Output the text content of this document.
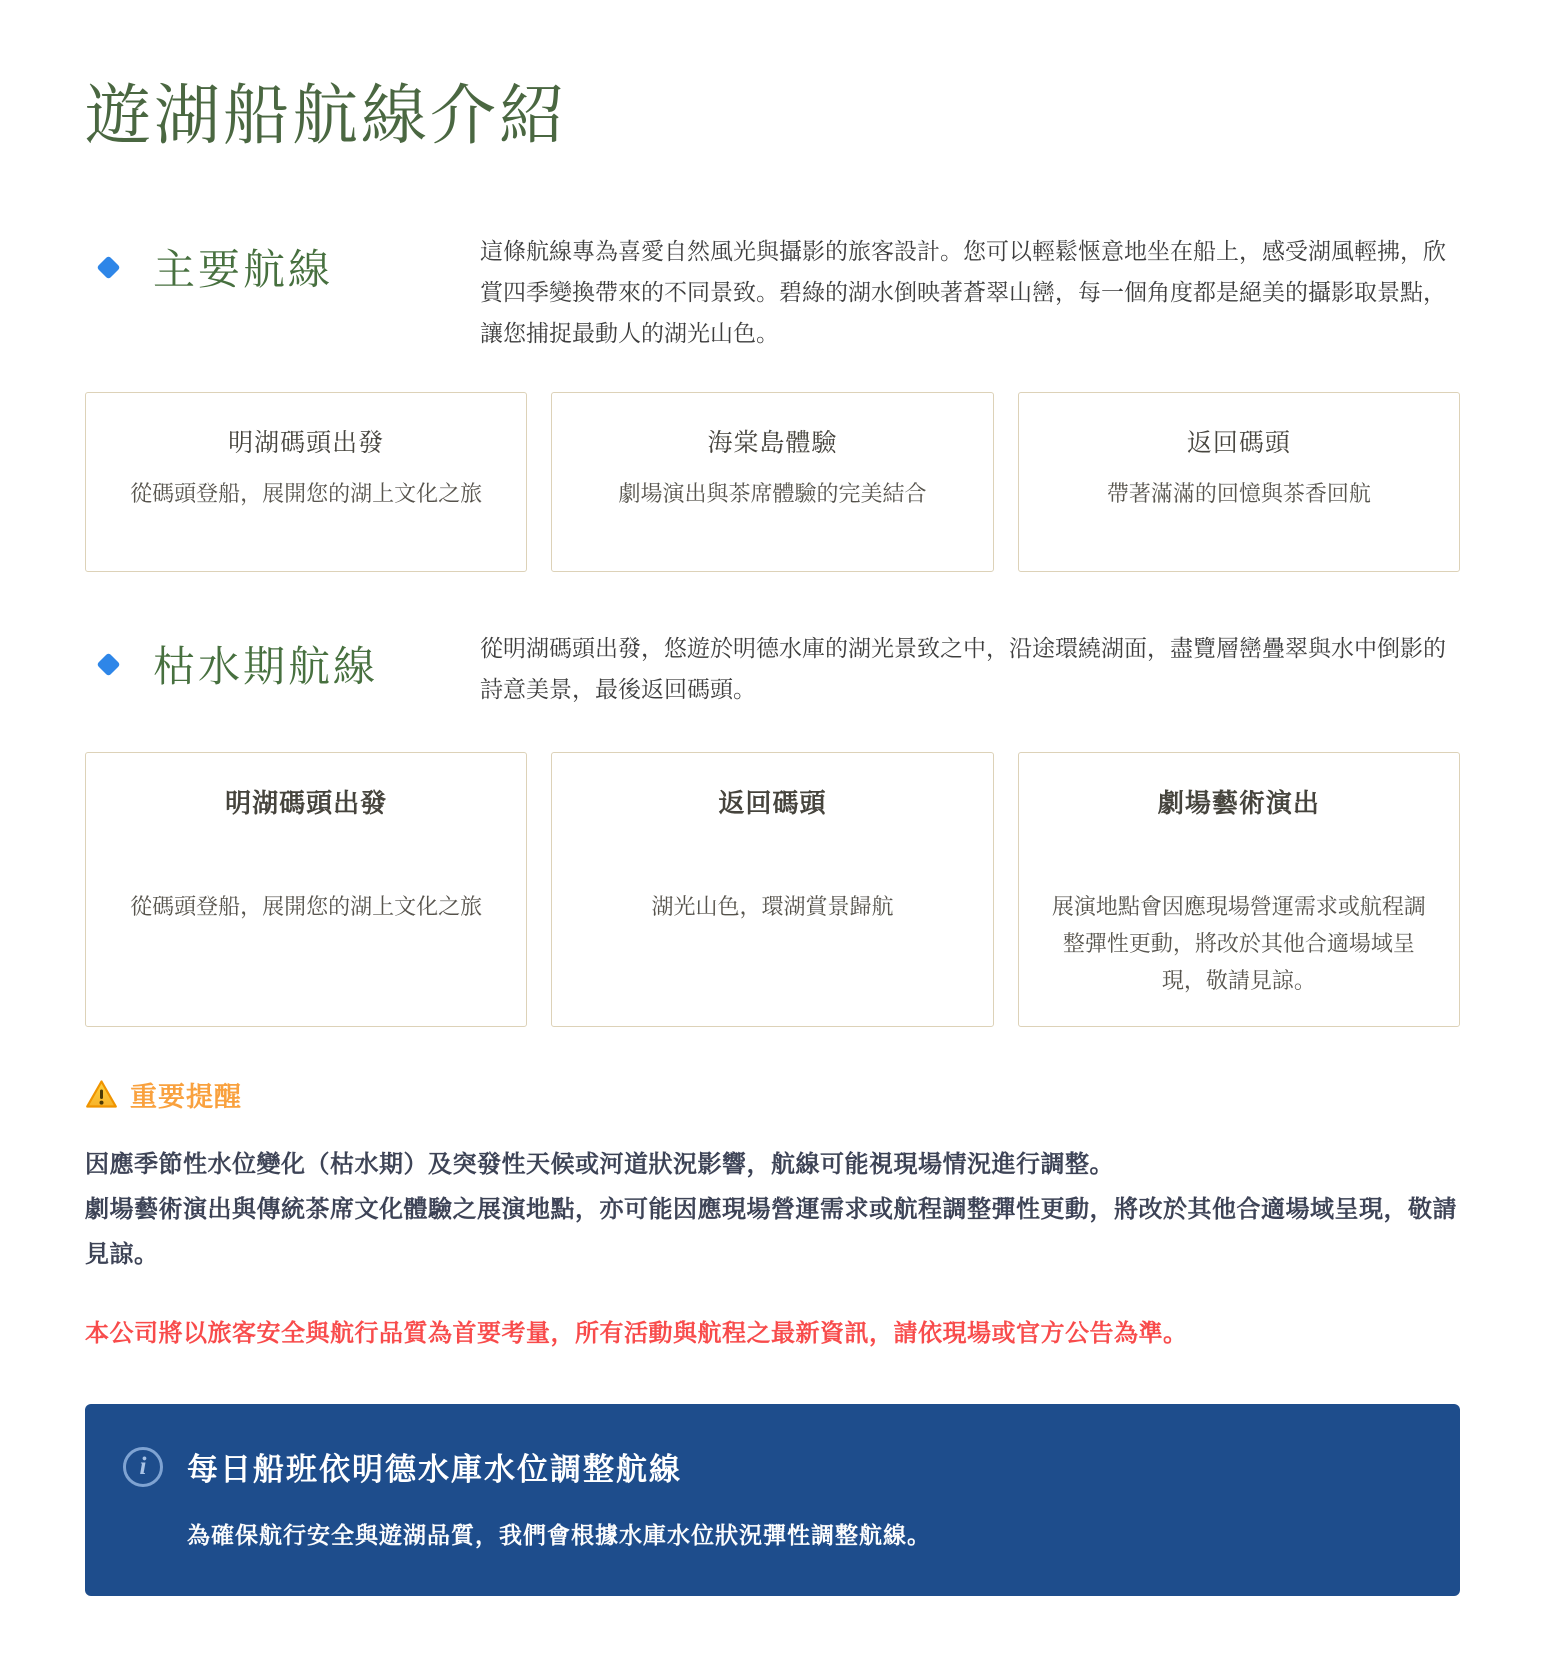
遊湖船航線介紹
主要航線	這條航線專為喜愛自然風光與攝影的旅客設計。您可以輕鬆愜意地坐在船上，感受湖風輕拂，欣賞四季變換帶來的不同景致。碧綠的湖水倒映著蒼翠山巒，每一個角度都是絕美的攝影取景點，讓您捕捉最動人的湖光山色。
明湖碼頭出發
從碼頭登船，展開您的湖上文化之旅
海棠島體驗
劇場演出與茶席體驗的完美結合
返回碼頭
帶著滿滿的回憶與茶香回航
枯水期航線	從明湖碼頭出發，悠遊於明德水庫的湖光景致之中，沿途環繞湖面，盡覽層巒疊翠與水中倒影的詩意美景，最後返回碼頭。
明湖碼頭出發
從碼頭登船，展開您的湖上文化之旅
返回碼頭
湖光山色，環湖賞景歸航
劇場藝術演出
展演地點會因應現場營運需求或航程調整彈性更動，將改於其他合適場域呈現，敬請見諒。
重要提醒
因應季節性水位變化（枯水期）及突發性天候或河道狀況影響，航線可能視現場情況進行調整。
劇場藝術演出與傳統茶席文化體驗之展演地點，亦可能因應現場營運需求或航程調整彈性更動，將改於其他合適場域呈現，敬請見諒。
本公司將以旅客安全與航行品質為首要考量，所有活動與航程之最新資訊，請依現場或官方公告為準。
i	每日船班依明德水庫水位調整航線
為確保航行安全與遊湖品質，我們會根據水庫水位狀況彈性調整航線。
